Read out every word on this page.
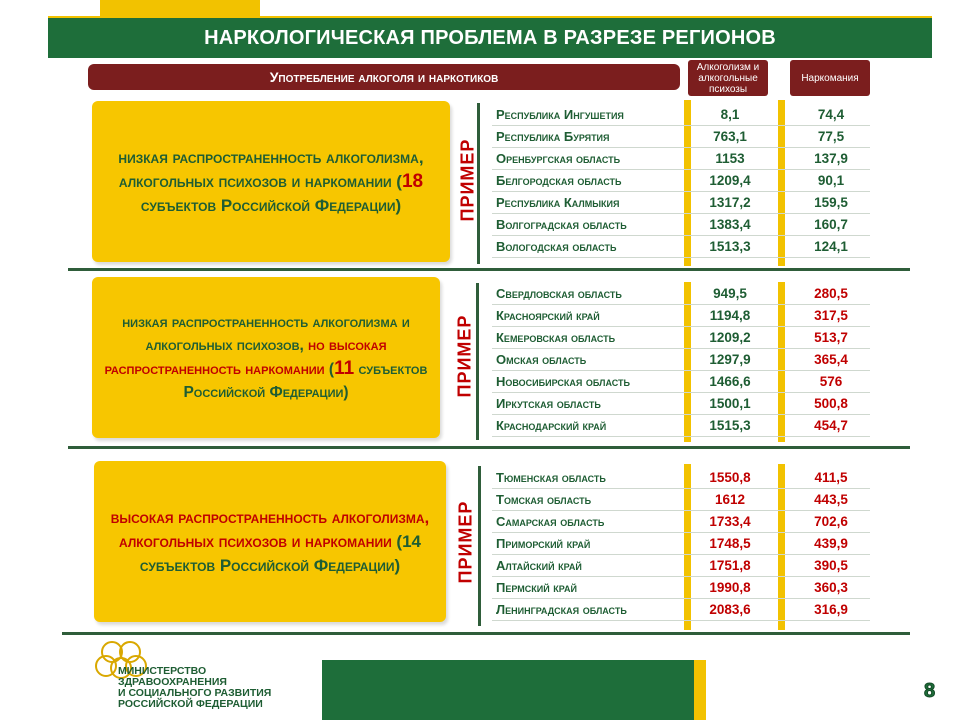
НАРКОЛОГИЧЕСКАЯ ПРОБЛЕМА В РАЗРЕЗЕ РЕГИОНОВ
Употребление алкоголя и наркотиков
Алкоголизм и алкогольные психозы
Наркомания
низкая распространенность алкоголизма, алкогольных психозов и наркомании (18 субъектов Российской Федерации)	ПРИМЕР
Республика Ингушетия	8,1	74,4
Республика Бурятия	763,1	77,5
Оренбургская область	1153	137,9
Белгородская область	1209,4	90,1
Республика Калмыкия	1317,2	159,5
Волгоградская область	1383,4	160,7
Вологодская область	1513,3	124,1
низкая распространенность алкоголизма и алкогольных психозов, но высокая распространенность наркомании (11 субъектов Российской Федерации)	ПРИМЕР
Свердловская область	949,5	280,5
Красноярский край	1194,8	317,5
Кемеровская область	1209,2	513,7
Омская область	1297,9	365,4
Новосибирская область	1466,6	576
Иркутская область	1500,1	500,8
Краснодарский край	1515,3	454,7
высокая распространенность алкоголизма, алкогольных психозов и наркомании (14 субъектов Российской Федерации)	ПРИМЕР
Тюменская область	1550,8	411,5
Томская область	1612	443,5
Самарская область	1733,4	702,6
Приморский край	1748,5	439,9
Алтайский край	1751,8	390,5
Пермский край	1990,8	360,3
Ленинградская область	2083,6	316,9
МИНИСТЕРСТВО
ЗДРАВООХРАНЕНИЯ
И СОЦИАЛЬНОГО РАЗВИТИЯ
РОССИЙСКОЙ ФЕДЕРАЦИИ
8
